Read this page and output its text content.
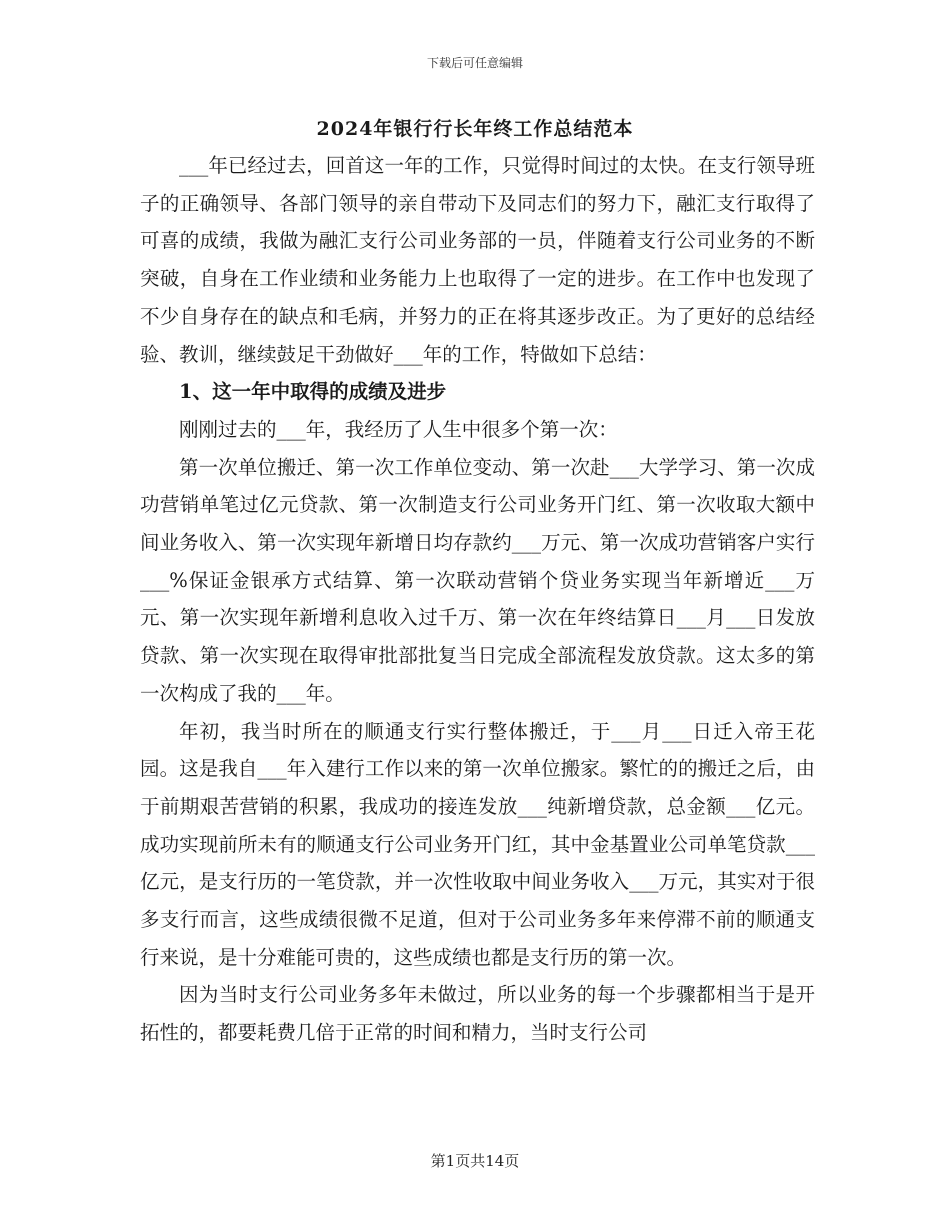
下载后可任意编辑
2024年银行行长年终工作总结范本

___年已经过去，回首这一年的工作，只觉得时间过的太快。在支行领导班子的正确领导、各部门领导的亲自带动下及同志们的努力下，融汇支行取得了可喜的成绩，我做为融汇支行公司业务部的一员，伴随着支行公司业务的不断突破，自身在工作业绩和业务能力上也取得了一定的进步。在工作中也发现了不少自身存在的缺点和毛病，并努力的正在将其逐步改正。为了更好的总结经验、教训，继续鼓足干劲做好___年的工作，特做如下总结：

1、这一年中取得的成绩及进步

刚刚过去的___年，我经历了人生中很多个第一次：

第一次单位搬迁、第一次工作单位变动、第一次赴___大学学习、第一次成功营销单笔过亿元贷款、第一次制造支行公司业务开门红、第一次收取大额中间业务收入、第一次实现年新增日均存款约___万元、第一次成功营销客户实行___%保证金银承方式结算、第一次联动营销个贷业务实现当年新增近___万元、第一次实现年新增利息收入过千万、第一次在年终结算日___月___日发放贷款、第一次实现在取得审批部批复当日完成全部流程发放贷款。这太多的第一次构成了我的___年。

年初，我当时所在的顺通支行实行整体搬迁，于___月___日迁入帝王花园。这是我自___年入建行工作以来的第一次单位搬家。繁忙的的搬迁之后，由于前期艰苦营销的积累，我成功的接连发放___纯新增贷款，总金额___亿元。成功实现前所未有的顺通支行公司业务开门红，其中金基置业公司单笔贷款___亿元，是支行历的一笔贷款，并一次性收取中间业务收入___万元，其实对于很多支行而言，这些成绩很微不足道，但对于公司业务多年来停滞不前的顺通支行来说，是十分难能可贵的，这些成绩也都是支行历的第一次。

因为当时支行公司业务多年未做过，所以业务的每一个步骤都相当于是开拓性的，都要耗费几倍于正常的时间和精力，当时支行公司

第1页共14页
